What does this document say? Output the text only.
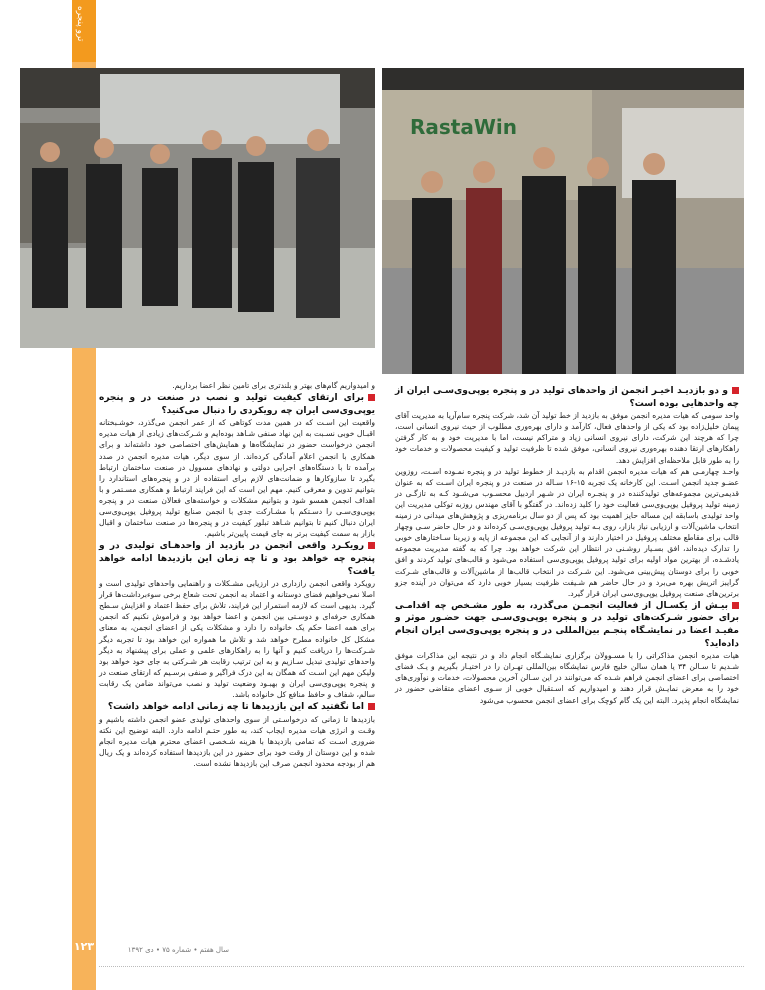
ترو پنجره
RastaWin

و دو بازدیـد اخیـر انجمن از واحدهای تولید در و پنجره یوپی‌وی‌سـی ایران از چه واحدهایی بوده است؟

واحد سومی که هیات مدیره انجمن موفق به بازدید از خط تولید آن شد، شرکت پنجره سام‌آریا به مدیریت آقای پیمان خلیل‌زاده بود که یکی از واحدهای فعال، کارآمد و دارای بهره‌وری مطلوب از حیث نیروی انسانی است، چرا که هرچند این شرکت، دارای نیروی انسانی زیاد و متراکم نیست، اما با مدیریت خود و به کار گرفتن راهکارهای ارتقا دهنده بهره‌وری نیروی انسانی، موفق شده تا ظرفیت تولید و کیفیت محصولات و خدمات خود را به طور قابل ملاحظه‌ای افزایش دهد.

واحـد چهارمـی هم که هیات مدیره انجمن اقدام به بازدیـد از خطوط تولید در و پنجره نمـوده اسـت، روزوین عضـو جدید انجمن اسـت. این کارخانه یک تجربه ۱۵-۱۶ سـاله در صنعت در و پنجره ایران اسـت که به عنوان قدیمی‌ترین مجموعه‌های تولیدکننده در و پنجـره ایران در شـهر اردبیل محسـوب می‌شـود کـه به تازگـی در زمینه تولید پروفیل یوپی‌وی‌سی فعالیت خود را کلید زده‌اند. در گفتگو با آقای مهندس روزبه توکلی مدیریت این واحد تولیدی باسابقه این مساله حایز اهمیت بود که پس از دو سال برنامه‌ریزی و پژوهش‌های میدانی در زمینه انتخاب ماشین‌آلات و ارزیابی نیاز بازار، روی بـه تولید پروفیل یوپی‌وی‌سـی کرده‌اند و در حال حاضر سـی وچهار قالب برای مقاطع مختلف پروفیل در اختیار دارند و از آنجایی که این مجموعه از پایه و زیربنا سـاختارهای خوبی را تدارک دیده‌اند، افق بسـیار روشـنی در انتظار این شرکت خواهد بود. چرا که به گفته مدیریت مجموعه یاد‌شـده، از بهترین مواد اولیه برای تولید پروفیل یوپی‌وی‌سی استفاده می‌شود و قالب‌های تولید کردند و افق خوبی را برای دوستان پیش‌بینی می‌شود. این شـرکت در انتخاب قالب‌ها از ماشین‌آلات و قالب‌های شـرکت گرایبز اتریش بهره می‌برد و در حال حاضر هم شـیفت ظرفیت بسیار خوبی دارد که می‌توان در آینده جزو برترین‌های صنعت پروفیل یوپی‌وی‌سی ایران قرار گیرد.

بیـش از یکسـال از فعالیت انجمـن می‌گذرد، به طور مشـخص چه اقدامـی برای حضور شـرکت‌های تولید در و پنجره یوپی‌وی‌سـی جهت حضـور موثر و مفیـد اعضا در نمایشـگاه پنجـم بین‌المللی در و پنجره یوپی‌وی‌سی ایران انجام داده‌اید؟

هیات مدیره انجمن مذاکراتی را با مسـوولان برگزاری نمایشـگاه انجام داد و در نتیجه این مذاکرات موفق شـدیم تا سـالن ۳۴ یا همان سالن خلیج فارس نمایشگاه بین‌المللی تهـران را در اختیـار بگیریم و یـک فضای اختصاصی برای اعضای انجمن فراهم شـده که می‌توانند در این سـالن آخرین محصولات، خدمات و نوآوری‌های خود را به معرض نمایـش قرار دهند و امیدواریم که اسـتقبال خوبی از سـوی اعضای متقاضی حضور در نمایشگاه انجام پذیرد. البته این یک گام کوچک برای اعضای انجمن محسوب می‌شود

و امیدواریم گام‌های بهتر و بلندتری برای تامین نظر اعضا برداریم.

برای ارتقای کیفیت تولید و نصب در صنعت در و پنجره یوپی‌وی‌سی ایران چه رویکردی را دنبال می‌کنید؟

واقعیت این اسـت که در همین مدت کوتاهی که از عمر انجمن می‌گذرد، خوشـبختانه اقبـال خوبی نسـبت به این نهاد صنفی شـاهد بوده‌ایم و شـرکت‌های زیادی از هیات مدیره انجمن درخواست حضور در نمایشگاه‌ها و همایش‌های اختصاصی خود داشته‌اند و برای همکاری با انجمن اعلام آمادگی کرده‌اند. از سوی دیگر، هیات مدیره انجمن در صدد برآمده تا با دستگاه‌های اجرایی دولتی و نهادهای مسوول در صنعت ساختمان ارتباط بگیرد تا سازوکارها و ضمانت‌های لازم برای استفاده از در و پنجره‌های استاندارد را بتوانیم تدوین و معرفی کنیم. مهم این است که این فرایند ارتباط و همکاری مسـتمر و با اهداف انجمن همسو شود و بتوانیم مشکلات و خواسته‌های فعالان صنعت در و پنجره یوپی‌وی‌سـی را دسـتکم با مشـارکت جدی با انجمن صنایع تولید پروفیل یوپی‌وی‌سی ایران دنبال کنیم تا بتوانیم شـاهد تبلور کیفیت در و پنجره‌ها در صنعت ساختمان و اقبال بازار به سمت کیفیت برتر به جای قیمت پایین‌تر باشیم.

رویکـرد واقعی انجمن در بازدید از واحدهـای تولیدی در و پنجره چه خواهد بود و تا چه زمان این بازدیدها ادامه خواهد یافت؟

رویکرد واقعی انجمن رازداری در ارزیابی مشـکلات و راهنمایی واحدهای تولیدی است و اصلا نمی‌خواهیم فضای دوستانه و اعتماد به انجمن تحت شعاع برخی سوءبرداشت‌ها قرار گیرد. بدیهی است که لازمه استمرار این فرایند، تلاش برای حفظ اعتماد و افزایش سـطح همکاری حرفه‌ای و دوسـتی بین انجمن و اعضا خواهد بود و فراموش نکنیم که انجمن برای همه اعضا حکم یک خانواده را دارد و مشکلات یکی از اعضای انجمن، به معنای مشکل کل خانواده مطرح خواهد شد و تلاش ما همواره این خواهد بود تا تجربه دیگر شـرکت‌ها را دریافت کنیم و آنها را به راهکارهای علمی و عملی برای پیشنهاد به دیگر واحدهای تولیدی تبدیل سـازیم و به این ترتیب رقابت هر شـرکتی به جای خود خواهد بود ولیکن مهم این اسـت که همگان به این درک فراگیر و صنفی برسـیم که ارتقای صنعت در و پنجره یوپی‌وی‌سی ایران و بهبـود وضعیت تولید و نصب می‌تواند ضامن یک رقابت سالم، شفاف و حافظ منافع کل خانواده باشد.

اما نگفتید که این بازدیدها تا چه زمانی ادامه خواهد داشت؟

بازدیدها تا زمانی که درخواسـتی از سوی واحدهای تولیدی عضو انجمن داشته باشیم و وقـت و انرژی هیات مدیره ایجاب کند، به طور حتـم ادامه دارد. البته توضیح این نکته ضروری اسـت که تمامی بازدیدها با هزینه شـخصی اعضای محترم هیات مدیره انجام شده و این دوستان از وقت خود برای حضور در این بازدیدها استفاده کرده‌اند و یک ریال هم از بودجه محدود انجمن صرف این بازدیدها نشده است.

سال هفتم • شماره ۷۵ • دی ۱۳۹۲
۱۲۳
